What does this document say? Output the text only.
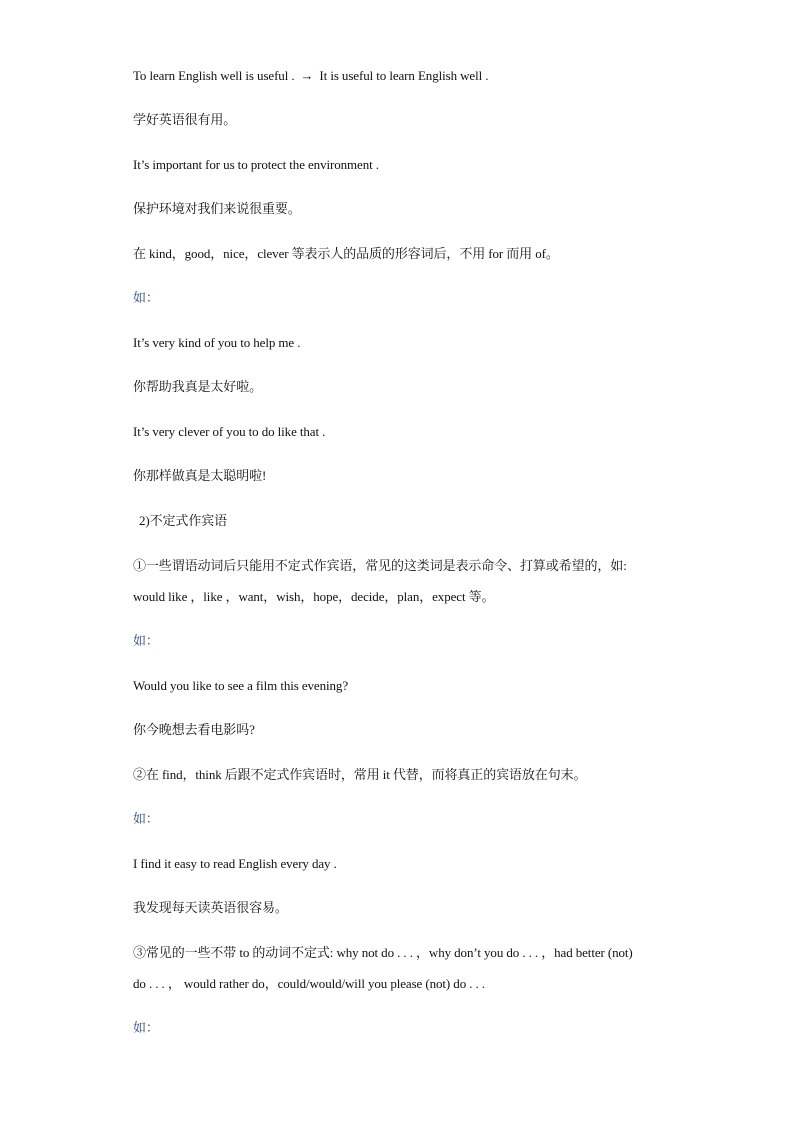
To learn English well is useful . → It is useful to learn English well .
学好英语很有用。
It’s important for us to protect the environment .
保护环境对我们来说很重要。
在 kind，good，nice，clever 等表示人的品质的形容词后，不用 for 而用 of。
如：
It’s very kind of you to help me .
你帮助我真是太好啦。
It’s very clever of you to do like that .
你那样做真是太聪明啦!
2)不定式作宾语
①一些谓语动词后只能用不定式作宾语，常见的这类词是表示命令、打算或希望的，如:
would like ，like ，want，wish，hope，decide，plan，expect 等。
如：
Would you like to see a film this evening?
你今晚想去看电影吗?
②在 find，think 后跟不定式作宾语时，常用 it 代替，而将真正的宾语放在句末。
如：
I find it easy to read English every day .
我发现每天读英语很容易。
③常见的一些不带 to 的动词不定式: why not do . . . ，why don’t you do . . . ，had better (not)
do . . . ， would rather do，could/would/will you please (not) do . . .
如：
